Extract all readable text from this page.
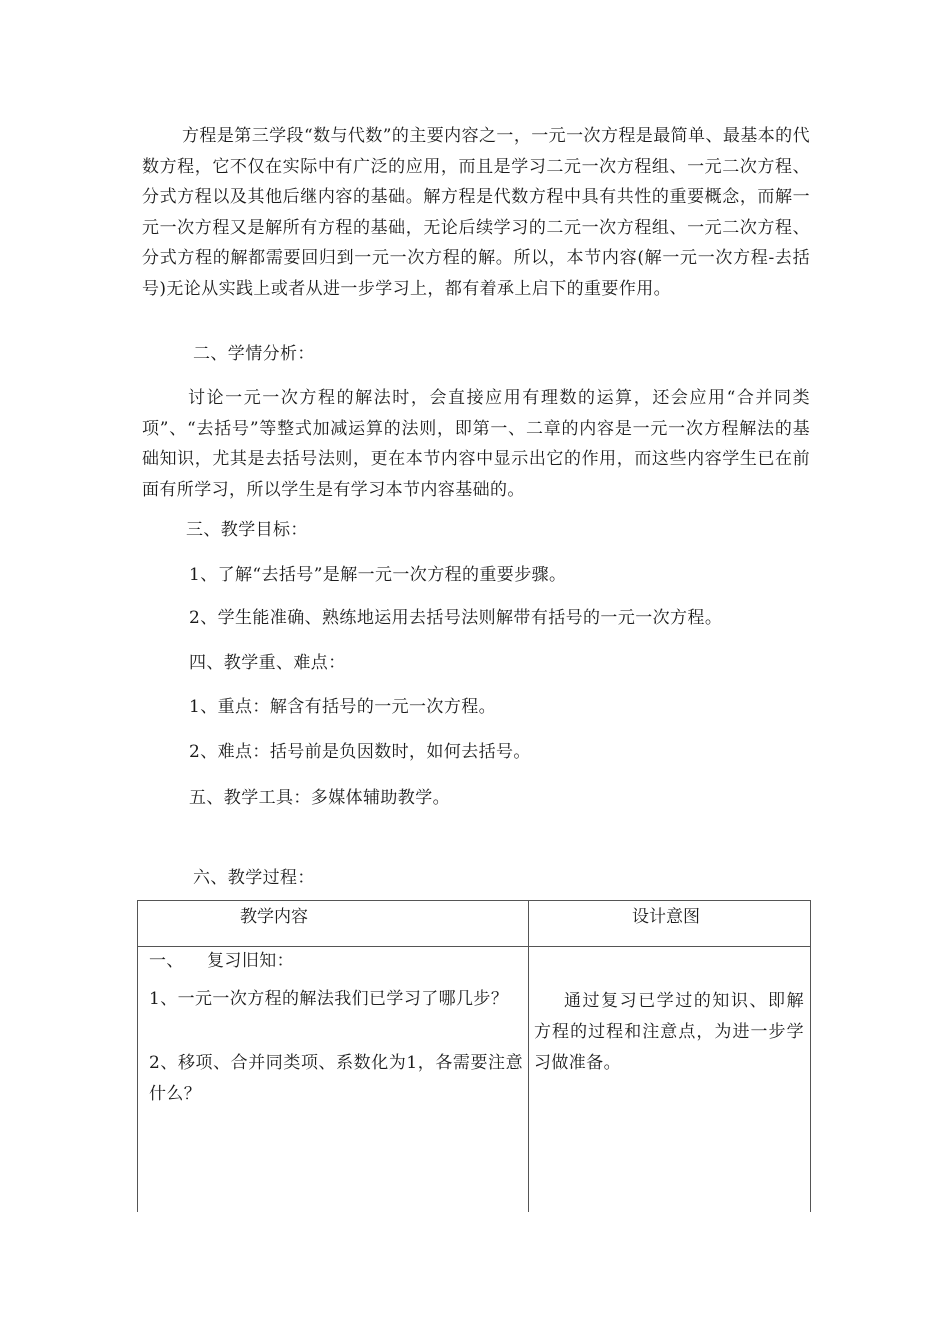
方程是第三学段“数与代数”的主要内容之一，一元一次方程是最简单、最基本的代数方程，它不仅在实际中有广泛的应用，而且是学习二元一次方程组、一元二次方程、分式方程以及其他后继内容的基础。解方程是代数方程中具有共性的重要概念，而解一元一次方程又是解所有方程的基础，无论后续学习的二元一次方程组、一元二次方程、分式方程的解都需要回归到一元一次方程的解。所以，本节内容(解一元一次方程-去括号)无论从实践上或者从进一步学习上，都有着承上启下的重要作用。

二、学情分析：

讨论一元一次方程的解法时，会直接应用有理数的运算，还会应用“合并同类项”、“去括号”等整式加减运算的法则，即第一、二章的内容是一元一次方程解法的基础知识，尤其是去括号法则，更在本节内容中显示出它的作用，而这些内容学生已在前面有所学习，所以学生是有学习本节内容基础的。

三、教学目标：

1、了解“去括号”是解一元一次方程的重要步骤。

2、学生能准确、熟练地运用去括号法则解带有括号的一元一次方程。

四、教学重、难点：

1、重点：解含有括号的一元一次方程。

2、难点：括号前是负因数时，如何去括号。

五、教学工具：多媒体辅助教学。

六、教学过程：

教学内容	设计意图
一、    复习旧知：
1、一元一次方程的解法我们已学习了哪几步？
2、移项、合并同类项、系数化为1，各需要注意什么？
通过复习已学过的知识、即解方程的过程和注意点，为进一步学习做准备。
